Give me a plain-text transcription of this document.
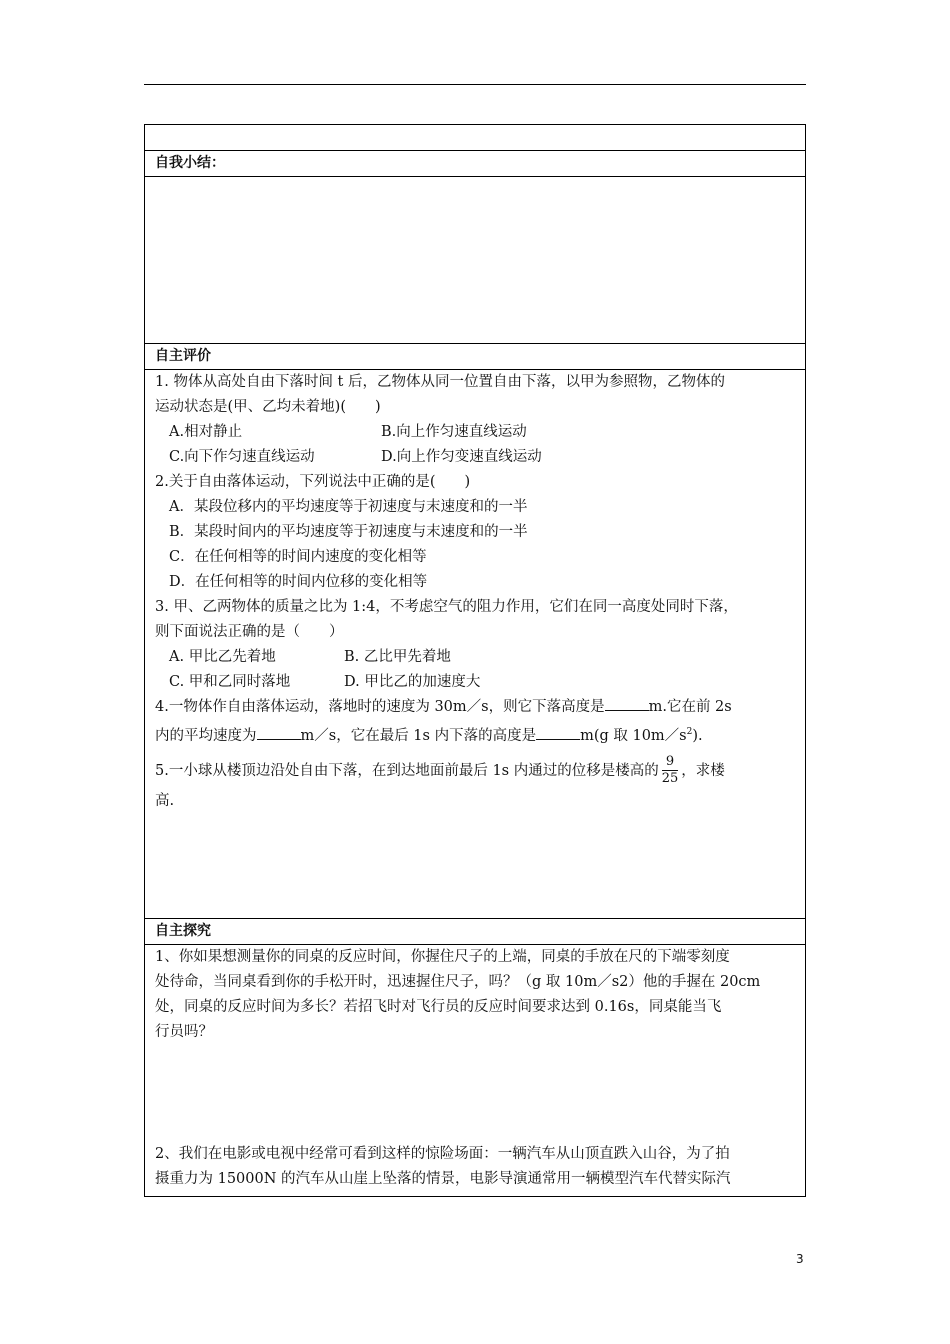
自我小结：

自主评价

1. 物体从高处自由下落时间 t 后，乙物体从同一位置自由下落，以甲为参照物，乙物体的
运动状态是(甲、乙均未着地)(　　)
A.相对静止	B.向上作匀速直线运动
C.向下作匀速直线运动	D.向上作匀变速直线运动
2.关于自由落体运动，下列说法中正确的是(　　)
A．某段位移内的平均速度等于初速度与末速度和的一半
B．某段时间内的平均速度等于初速度与末速度和的一半
C．在任何相等的时间内速度的变化相等
D．在任何相等的时间内位移的变化相等
3. 甲、乙两物体的质量之比为 1:4，不考虑空气的阻力作用，它们在同一高度处同时下落，
则下面说法正确的是（　　）
A. 甲比乙先着地	B. 乙比甲先着地
C. 甲和乙同时落地	D. 甲比乙的加速度大
4.一物体作自由落体运动，落地时的速度为 30m／s，则它下落高度是	m.它在前 2s
内的平均速度为	m／s，它在最后 1s 内下落的高度是	m(g 取 $10m/s^2$).
5.一小球从楼顶边沿处自由下落，在到达地面前最后 1s 内通过的位移是楼高的 $\frac{9}{25}$ ，求楼
高.

自主探究

1、你如果想测量你的同桌的反应时间，你握住尺子的上端，同桌的手放在尺的下端零刻度
处待命，当同桌看到你的手松开时，迅速握住尺子，吗？（g 取 10m／s2）他的手握在 20cm
处，同桌的反应时间为多长？若招飞时对飞行员的反应时间要求达到 0.16s，同桌能当飞
行员吗？
2、我们在电影或电视中经常可看到这样的惊险场面：一辆汽车从山顶直跌入山谷，为了拍
摄重力为 15000N 的汽车从山崖上坠落的情景，电影导演通常用一辆模型汽车代替实际汽
3
